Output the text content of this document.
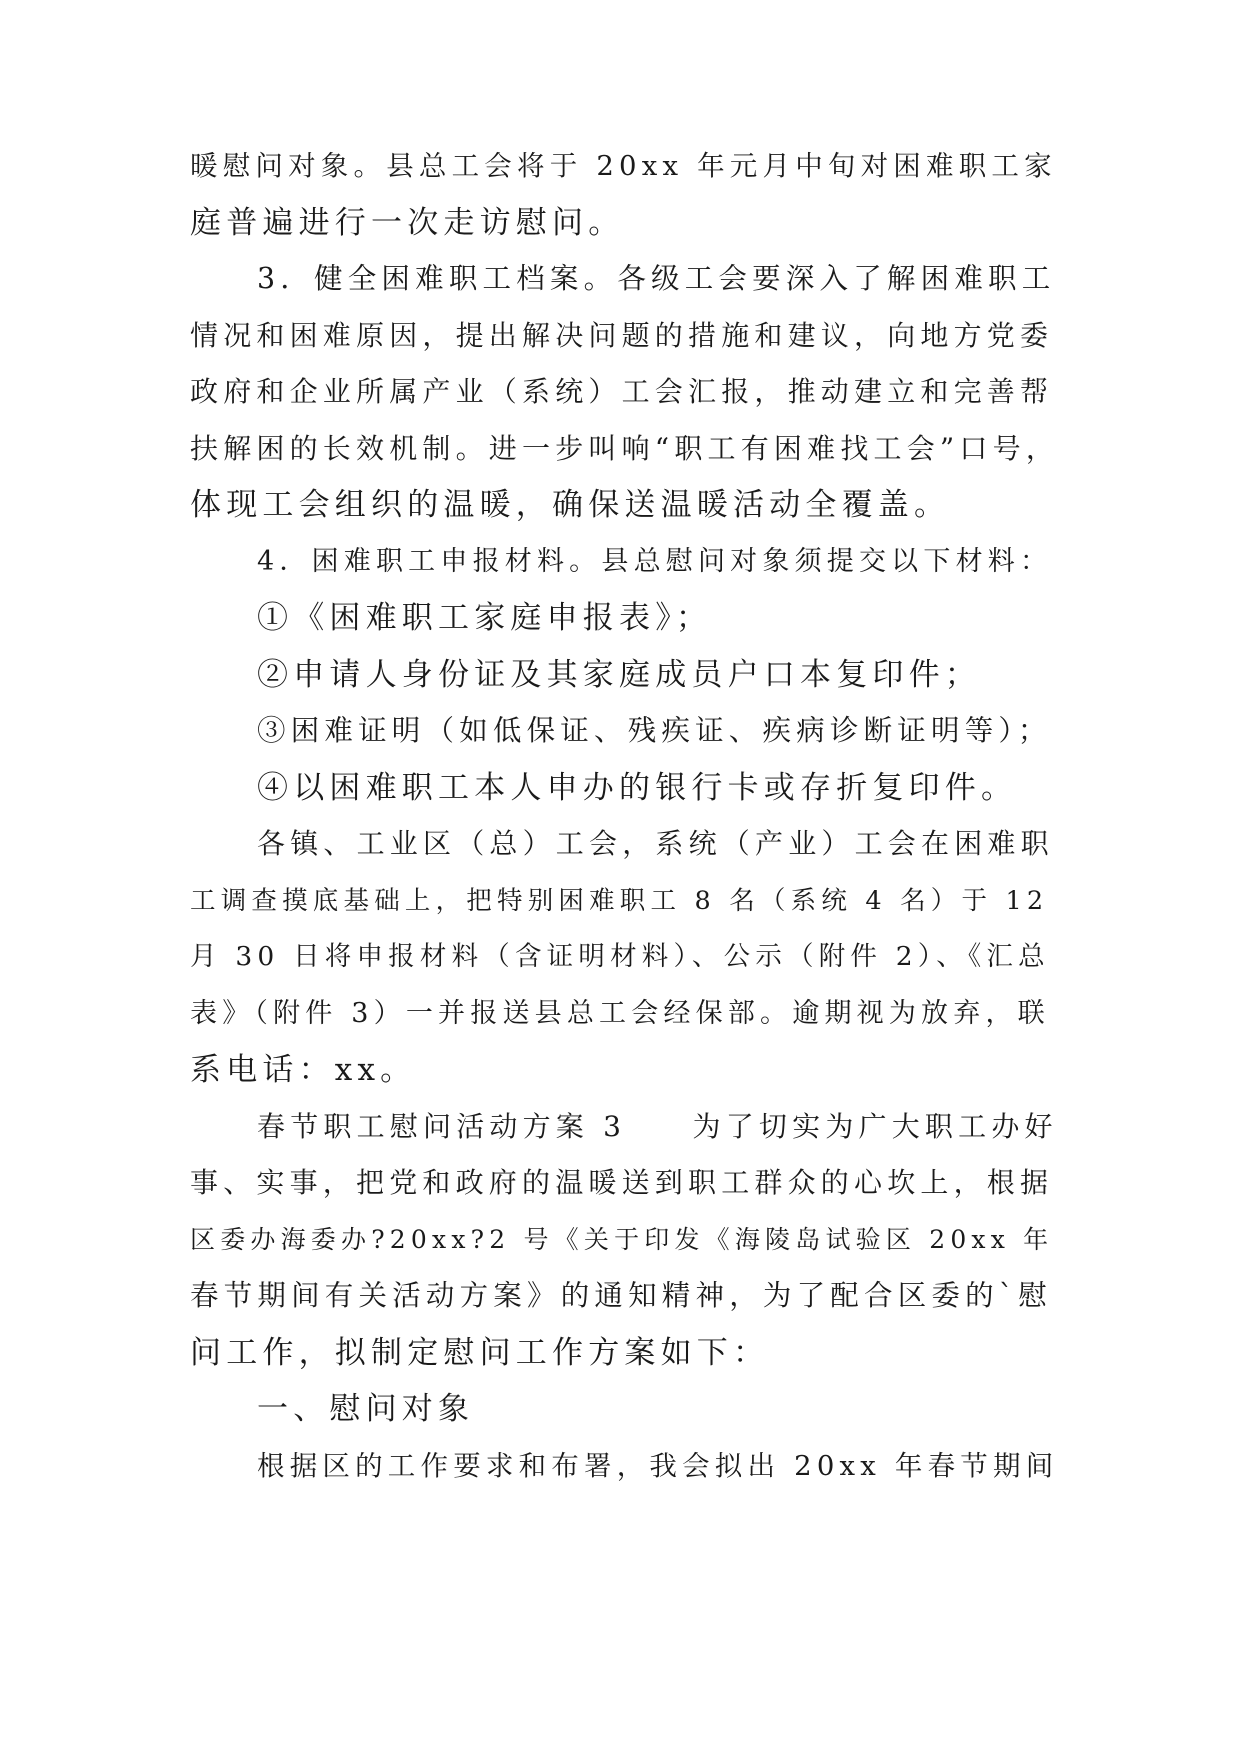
暖慰问对象。县总工会将于 20xx 年元月中旬对困难职工家
庭普遍进行一次走访慰问。
3．健全困难职工档案。各级工会要深入了解困难职工
情况和困难原因，提出解决问题的措施和建议，向地方党委
政府和企业所属产业（系统）工会汇报，推动建立和完善帮
扶解困的长效机制。进一步叫响“职工有困难找工会”口号，
体现工会组织的温暖，确保送温暖活动全覆盖。
4．困难职工申报材料。县总慰问对象须提交以下材料：
①《困难职工家庭申报表》；
②申请人身份证及其家庭成员户口本复印件；
③困难证明（如低保证、残疾证、疾病诊断证明等）；
④以困难职工本人申办的银行卡或存折复印件。
各镇、工业区（总）工会，系统（产业）工会在困难职
工调查摸底基础上，把特别困难职工 8 名（系统 4 名）于 12
月 30 日将申报材料（含证明材料）、公示（附件 2）、《汇总
表》（附件 3）一并报送县总工会经保部。逾期视为放弃，联
系电话：xx。
春节职工慰问活动方案 3　　为了切实为广大职工办好
事、实事，把党和政府的温暖送到职工群众的心坎上，根据
区委办海委办?20xx?2 号《关于印发《海陵岛试验区 20xx 年
春节期间有关活动方案》的通知精神，为了配合区委的`慰
问工作，拟制定慰问工作方案如下：
一、慰问对象
根据区的工作要求和布署，我会拟出 20xx 年春节期间
